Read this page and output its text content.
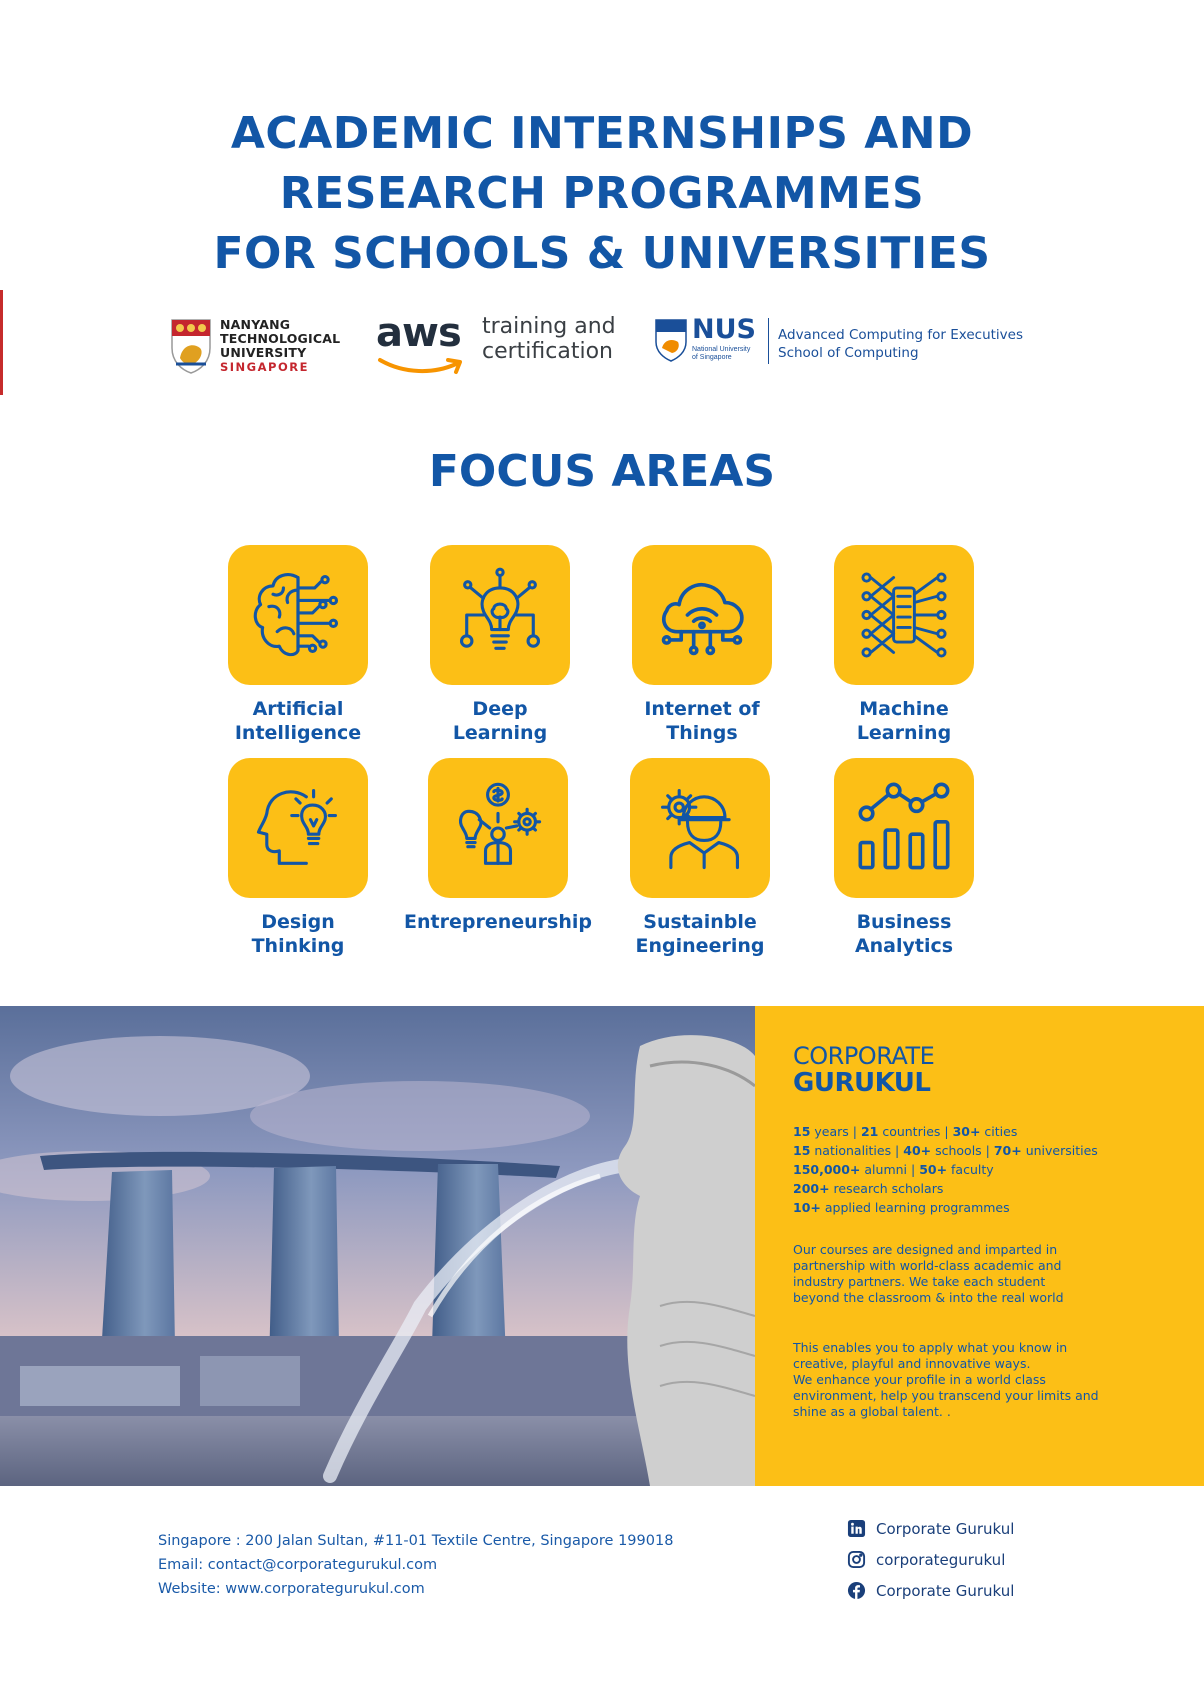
ACADEMIC INTERNSHIPS AND
RESEARCH PROGRAMMES
FOR SCHOOLS & UNIVERSITIES
NANYANG
TECHNOLOGICAL
UNIVERSITY
SINGAPORE
aws training and
certification
NUS
National University
of Singapore
Advanced Computing for Executives
School of Computing
FOCUS AREAS
Artificial
Intelligence
Deep
Learning
Internet of
Things
Machine
Learning
Design
Thinking
Entrepreneurship	Sustainble
Engineering
Business
Analytics
CORPORATE
GURUKUL
15 years | 21 countries | 30+ cities
15 nationalities | 40+ schools | 70+ universities
150,000+ alumni | 50+ faculty
200+ research scholars
10+ applied learning programmes
Our courses are designed and imparted in
partnership with world-class academic and
industry partners. We take each student
beyond the classroom & into the real world
This enables you to apply what you know in
creative, playful and innovative ways.
We enhance your profile in a world class
environment, help you transcend your limits and
shine as a global talent. .
Singapore : 200 Jalan Sultan, #11-01 Textile Centre, Singapore 199018
Email: contact@corporategurukul.com
Website: www.corporategurukul.com
Corporate Gurukul
corporategurukul
Corporate Gurukul
